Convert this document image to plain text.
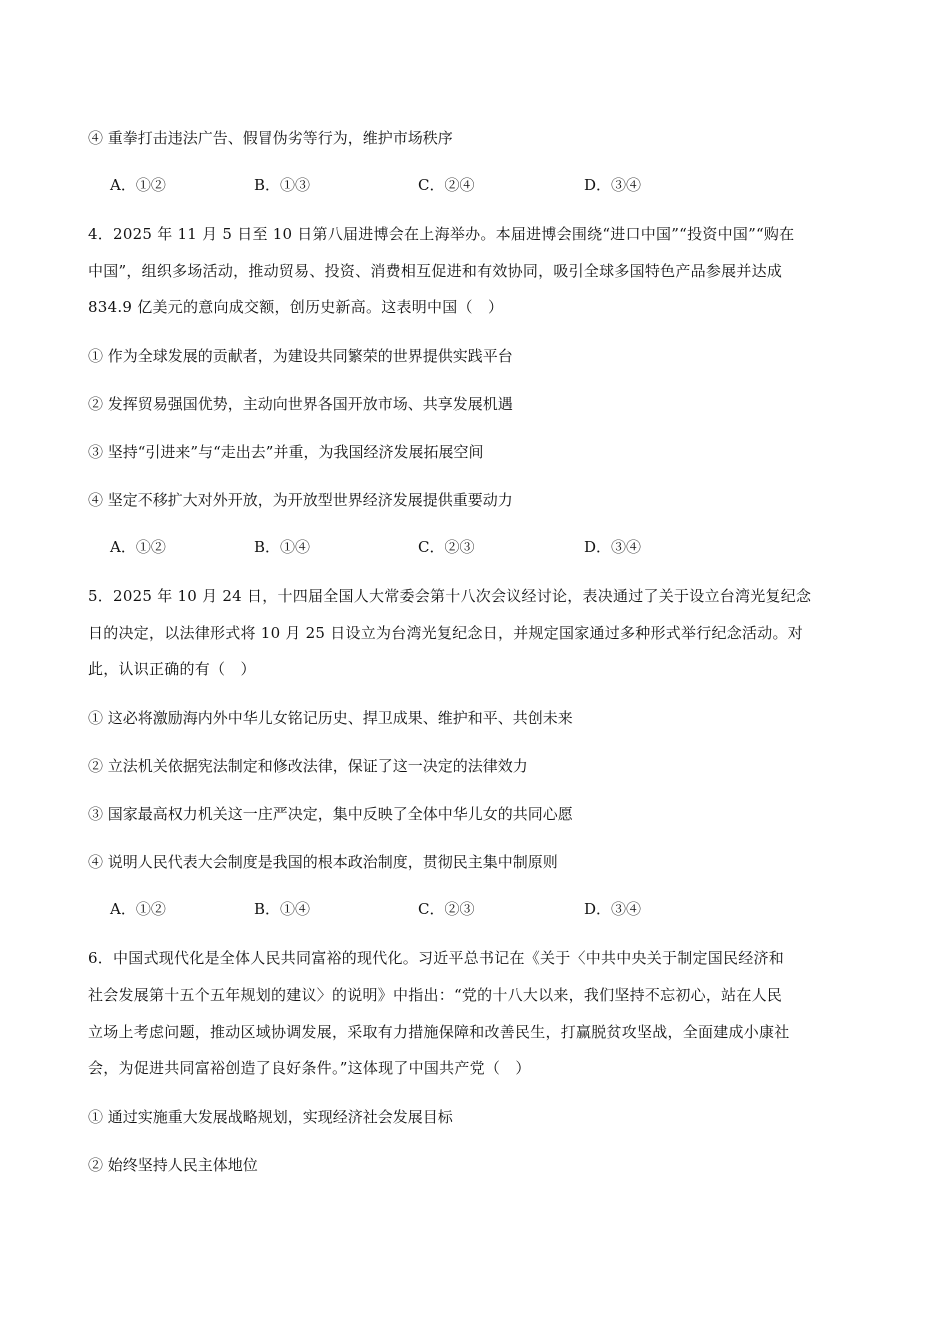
④ 重拳打击违法广告、假冒伪劣等行为，维护市场秩序
A．①②	B．①③	C．②④	D．③④
4．2025 年 11 月 5 日至 10 日第八届进博会在上海举办。本届进博会围绕“进口中国”“投资中国”“购在
中国”，组织多场活动，推动贸易、投资、消费相互促进和有效协同，吸引全球多国特色产品参展并达成
834.9 亿美元的意向成交额，创历史新高。这表明中国（　）
① 作为全球发展的贡献者，为建设共同繁荣的世界提供实践平台
② 发挥贸易强国优势，主动向世界各国开放市场、共享发展机遇
③ 坚持“引进来”与“走出去”并重，为我国经济发展拓展空间
④ 坚定不移扩大对外开放，为开放型世界经济发展提供重要动力
A．①②	B．①④	C．②③	D．③④
5．2025 年 10 月 24 日，十四届全国人大常委会第十八次会议经讨论，表决通过了关于设立台湾光复纪念
日的决定，以法律形式将 10 月 25 日设立为台湾光复纪念日，并规定国家通过多种形式举行纪念活动。对
此，认识正确的有（　）
① 这必将激励海内外中华儿女铭记历史、捍卫成果、维护和平、共创未来
② 立法机关依据宪法制定和修改法律，保证了这一决定的法律效力
③ 国家最高权力机关这一庄严决定，集中反映了全体中华儿女的共同心愿
④ 说明人民代表大会制度是我国的根本政治制度，贯彻民主集中制原则
A．①②	B．①④	C．②③	D．③④
6．中国式现代化是全体人民共同富裕的现代化。习近平总书记在《关于〈中共中央关于制定国民经济和
社会发展第十五个五年规划的建议〉的说明》中指出：“党的十八大以来，我们坚持不忘初心，站在人民
立场上考虑问题，推动区域协调发展，采取有力措施保障和改善民生，打赢脱贫攻坚战，全面建成小康社
会，为促进共同富裕创造了良好条件。”这体现了中国共产党（　）
① 通过实施重大发展战略规划，实现经济社会发展目标
② 始终坚持人民主体地位
